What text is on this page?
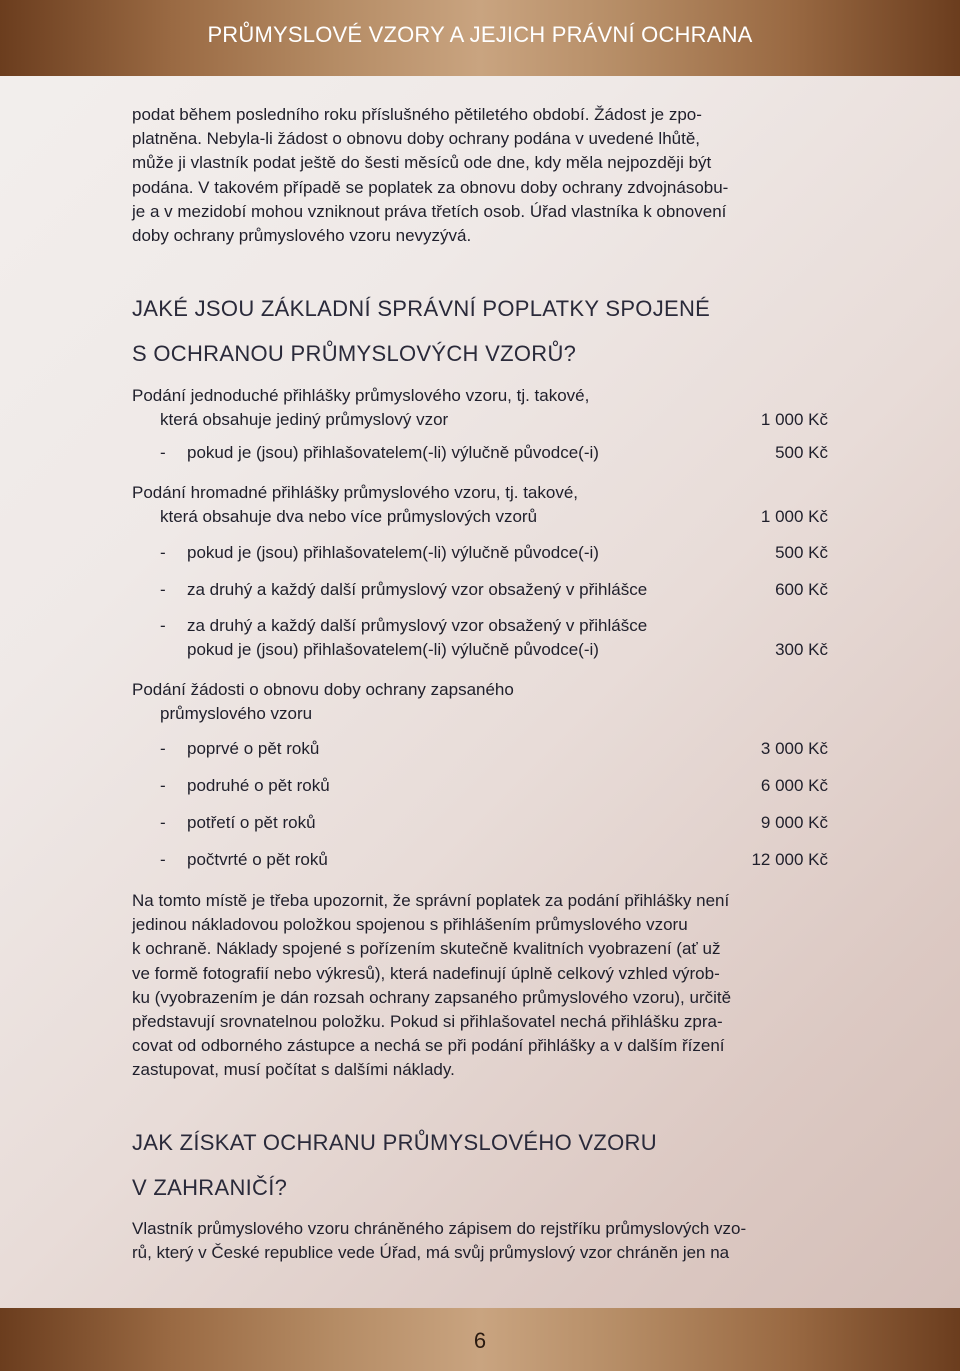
PRŮMYSLOVÉ VZORY A JEJICH PRÁVNÍ OCHRANA
podat během posledního roku příslušného pětiletého období. Žádost je zpo-
platněna. Nebyla-li žádost o obnovu doby ochrany podána v uvedené lhůtě,
může ji vlastník podat ještě do šesti měsíců ode dne, kdy měla nejpozději být
podána. V takovém případě se poplatek za obnovu doby ochrany zdvojnásobu-
je a v mezidobí mohou vzniknout práva třetích osob. Úřad vlastníka k obnovení
doby ochrany průmyslového vzoru nevyzývá.
JAKÉ JSOU ZÁKLADNÍ SPRÁVNÍ POPLATKY SPOJENÉ
S OCHRANOU PRŮMYSLOVÝCH VZORŮ?
Podání jednoduché přihlášky průmyslového vzoru, tj. takové,
která obsahuje jediný průmyslový vzor	1 000 Kč
- pokud je (jsou) přihlašovatelem(-li) výlučně původce(-i)	500 Kč
Podání hromadné přihlášky průmyslového vzoru, tj. takové,
která obsahuje dva nebo více průmyslových vzorů	1 000 Kč
- pokud je (jsou) přihlašovatelem(-li) výlučně původce(-i)	500 Kč
- za druhý a každý další průmyslový vzor obsažený v přihlášce	600 Kč
- za druhý a každý další průmyslový vzor obsažený v přihlášce
pokud je (jsou) přihlašovatelem(-li) výlučně původce(-i)	300 Kč
Podání žádosti o obnovu doby ochrany zapsaného
průmyslového vzoru
- poprvé o pět roků	3 000 Kč
- podruhé o pět roků	6 000 Kč
- potřetí o pět roků	9 000 Kč
- počtvrté o pět roků	12 000 Kč
Na tomto místě je třeba upozornit, že správní poplatek za podání přihlášky není
jedinou nákladovou položkou spojenou s přihlášením průmyslového vzoru
k ochraně. Náklady spojené s pořízením skutečně kvalitních vyobrazení (ať už
ve formě fotografií nebo výkresů), která nadefinují úplně celkový vzhled výrob-
ku (vyobrazením je dán rozsah ochrany zapsaného průmyslového vzoru), určitě
představují srovnatelnou položku. Pokud si přihlašovatel nechá přihlášku zpra-
covat od odborného zástupce a nechá se při podání přihlášky a v dalším řízení
zastupovat, musí počítat s dalšími náklady.
JAK ZÍSKAT OCHRANU PRŮMYSLOVÉHO VZORU
V ZAHRANIČÍ?
Vlastník průmyslového vzoru chráněného zápisem do rejstříku průmyslových vzo-
rů, který v České republice vede Úřad, má svůj průmyslový vzor chráněn jen na
6
